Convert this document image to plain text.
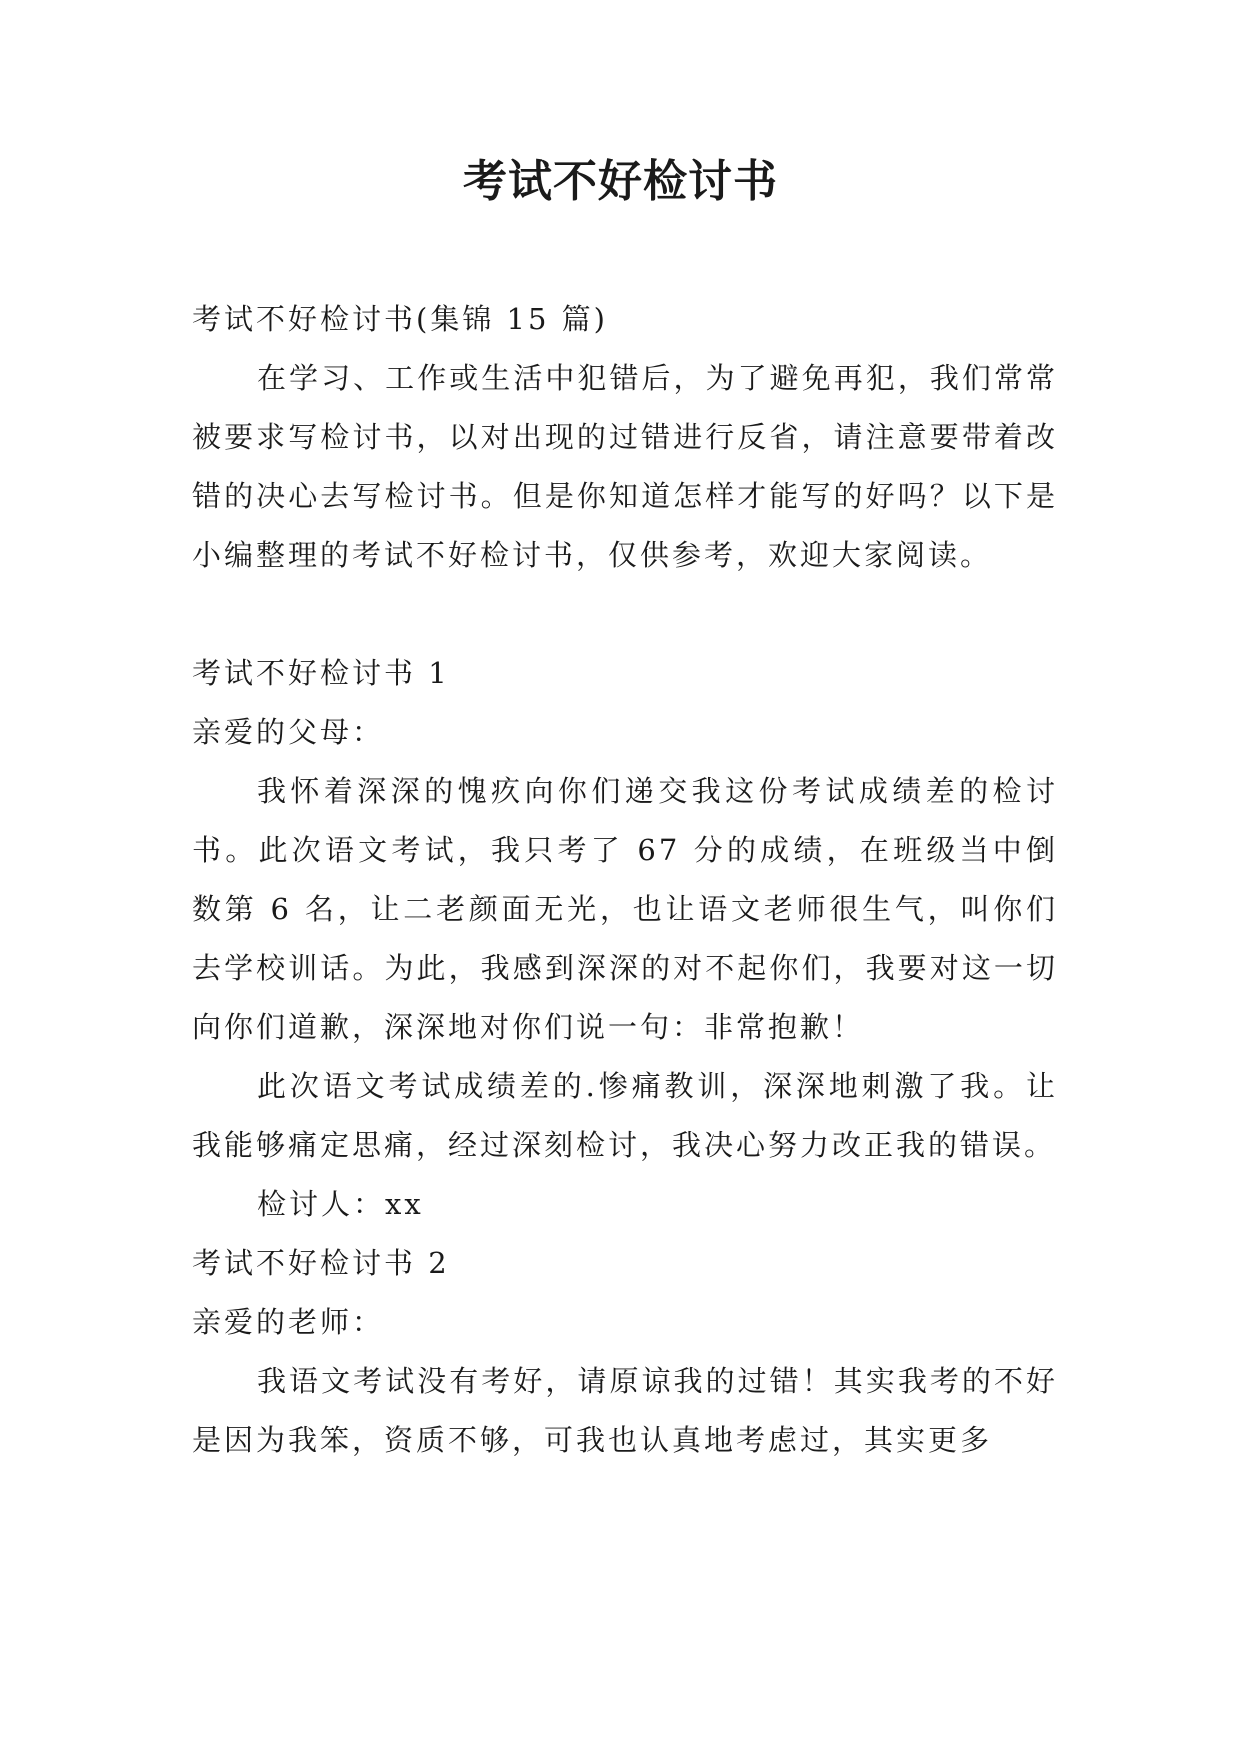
考试不好检讨书

考试不好检讨书(集锦 15 篇)

在学习、工作或生活中犯错后，为了避免再犯，我们常常被要求写检讨书，以对出现的过错进行反省，请注意要带着改错的决心去写检讨书。但是你知道怎样才能写的好吗？以下是小编整理的考试不好检讨书，仅供参考，欢迎大家阅读。

考试不好检讨书 1

亲爱的父母：

我怀着深深的愧疚向你们递交我这份考试成绩差的检讨书。此次语文考试，我只考了 67 分的成绩，在班级当中倒数第 6 名，让二老颜面无光，也让语文老师很生气，叫你们去学校训话。为此，我感到深深的对不起你们，我要对这一切向你们道歉，深深地对你们说一句：非常抱歉！

此次语文考试成绩差的.惨痛教训，深深地刺激了我。让我能够痛定思痛，经过深刻检讨，我决心努力改正我的错误。

检讨人：xx

考试不好检讨书 2

亲爱的老师：

我语文考试没有考好，请原谅我的过错！其实我考的不好是因为我笨，资质不够，可我也认真地考虑过，其实更多
